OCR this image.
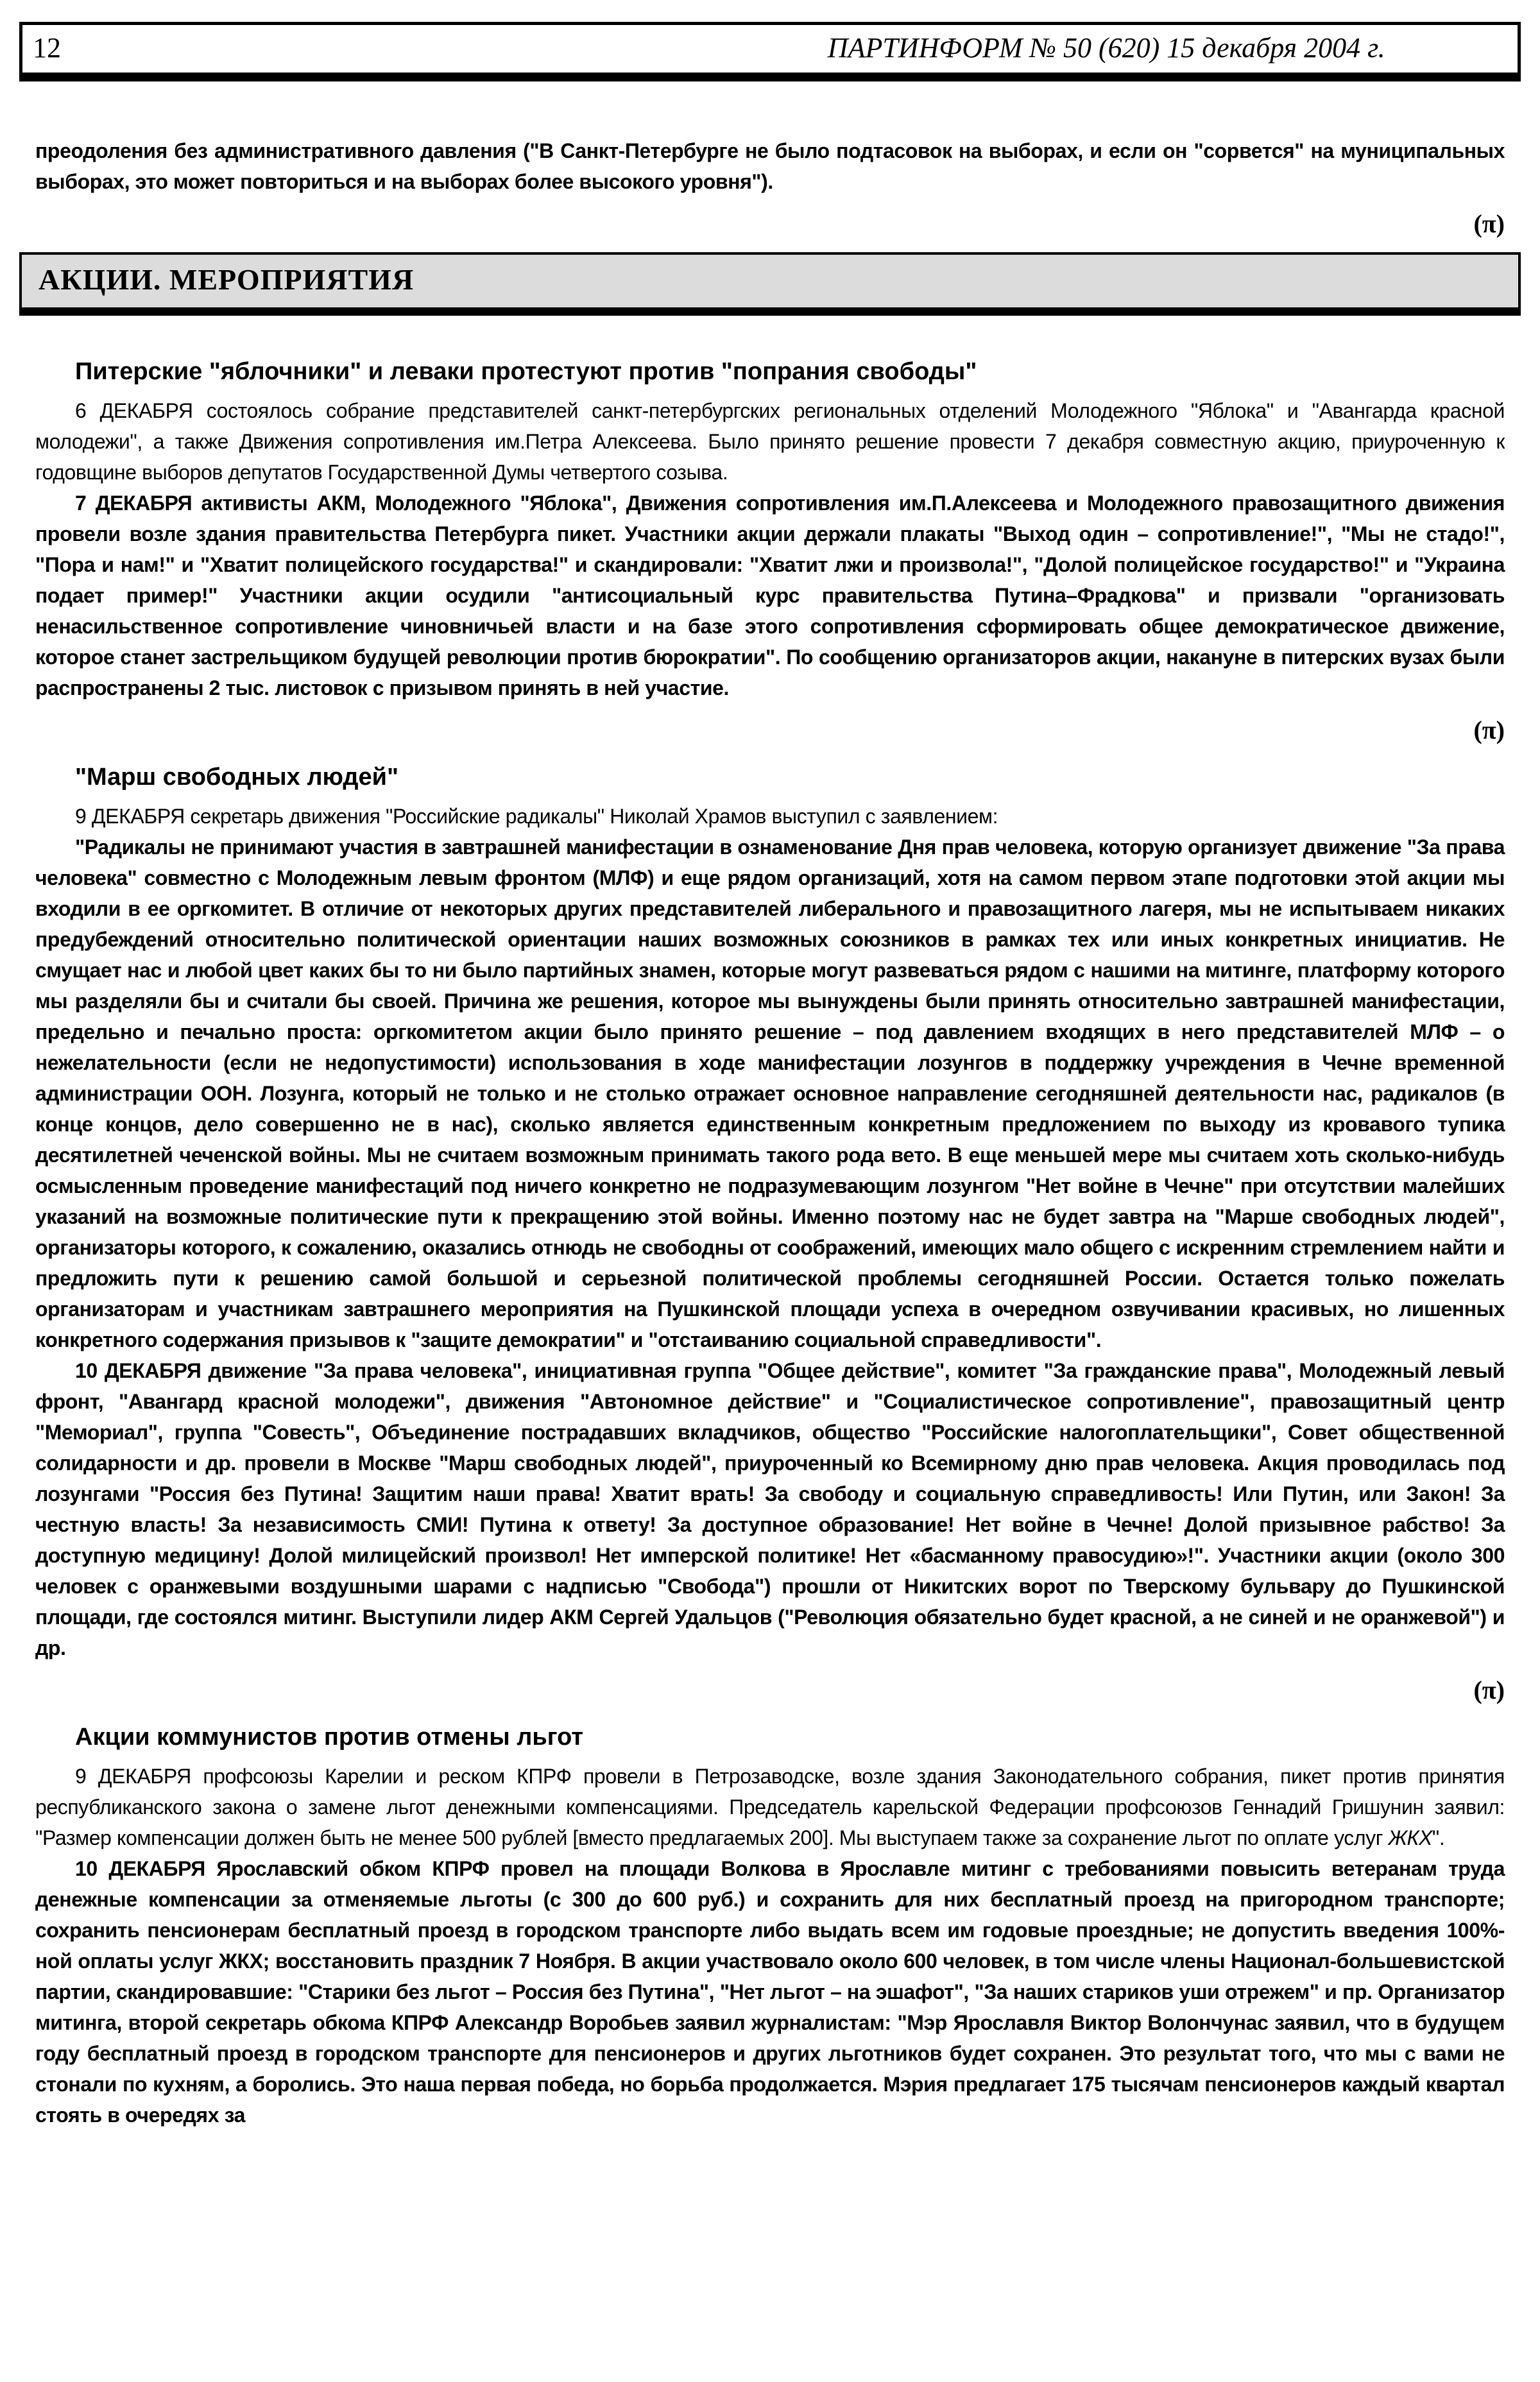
12	ПАРТИНФОРМ № 50 (620) 15 декабря 2004 г.

преодоления без административного давления ("В Санкт-Петербурге не было подтасовок на выборах, и если он "сорвется" на муниципальных выборах, это может повториться и на выборах более высокого уровня").

(π)
АКЦИИ. МЕРОПРИЯТИЯ
Питерские "яблочники" и леваки протестуют против "попрания свободы"

6 ДЕКАБРЯ состоялось собрание представителей санкт-петербургских региональных отделений Молодежного "Яблока" и "Авангарда красной молодежи", а также Движения сопротивления им.Петра Алексеева. Было принято решение провести 7 декабря совместную акцию, приуроченную к годовщине выборов депутатов Государственной Думы четвертого созыва.

7 ДЕКАБРЯ активисты АКМ, Молодежного "Яблока", Движения сопротивления им.П.Алексеева и Молодежного правозащитного движения провели возле здания правительства Петербурга пикет. Участники акции держали плакаты "Выход один – сопротивление!", "Мы не стадо!", "Пора и нам!" и "Хватит полицейского государства!" и скандировали: "Хватит лжи и произвола!", "Долой полицейское государство!" и "Украина подает пример!" Участники акции осудили "антисоциальный курс правительства Путина–Фрадкова" и призвали "организовать ненасильственное сопротивление чиновничьей власти и на базе этого сопротивления сформировать общее демократическое движение, которое станет застрельщиком будущей революции против бюрократии". По сообщению организаторов акции, накануне в питерских вузах были распространены 2 тыс. листовок с призывом принять в ней участие.

(π)
"Марш свободных людей"

9 ДЕКАБРЯ секретарь движения "Российские радикалы" Николай Храмов выступил с заявлением:

"Радикалы не принимают участия в завтрашней манифестации в ознаменование Дня прав человека, которую организует движение "За права человека" совместно с Молодежным левым фронтом (МЛФ) и еще рядом организаций, хотя на самом первом этапе подготовки этой акции мы входили в ее оргкомитет. В отличие от некоторых других представителей либерального и правозащитного лагеря, мы не испытываем никаких предубеждений относительно политической ориентации наших возможных союзников в рамках тех или иных конкретных инициатив. Не смущает нас и любой цвет каких бы то ни было партийных знамен, которые могут развеваться рядом с нашими на митинге, платформу которого мы разделяли бы и считали бы своей. Причина же решения, которое мы вынуждены были принять относительно завтрашней манифестации, предельно и печально проста: оргкомитетом акции было принято решение – под давлением входящих в него представителей МЛФ – о нежелательности (если не недопустимости) использования в ходе манифестации лозунгов в поддержку учреждения в Чечне временной администрации ООН. Лозунга, который не только и не столько отражает основное направление сегодняшней деятельности нас, радикалов (в конце концов, дело совершенно не в нас), сколько является единственным конкретным предложением по выходу из кровавого тупика десятилетней чеченской войны. Мы не считаем возможным принимать такого рода вето. В еще меньшей мере мы считаем хоть сколько-нибудь осмысленным проведение манифестаций под ничего конкретно не подразумевающим лозунгом "Нет войне в Чечне" при отсутствии малейших указаний на возможные политические пути к прекращению этой войны. Именно поэтому нас не будет завтра на "Марше свободных людей", организаторы которого, к сожалению, оказались отнюдь не свободны от соображений, имеющих мало общего с искренним стремлением найти и предложить пути к решению самой большой и серьезной политической проблемы сегодняшней России. Остается только пожелать организаторам и участникам завтрашнего мероприятия на Пушкинской площади успеха в очередном озвучивании красивых, но лишенных конкретного содержания призывов к "защите демократии" и "отстаиванию социальной справедливости".

10 ДЕКАБРЯ движение "За права человека", инициативная группа "Общее действие", комитет "За гражданские права", Молодежный левый фронт, "Авангард красной молодежи", движения "Автономное действие" и "Социалистическое сопротивление", правозащитный центр "Мемориал", группа "Совесть", Объединение пострадавших вкладчиков, общество "Российские налогоплательщики", Совет общественной солидарности и др. провели в Москве "Марш свободных людей", приуроченный ко Всемирному дню прав человека. Акция проводилась под лозунгами "Россия без Путина! Защитим наши права! Хватит врать! За свободу и социальную справедливость! Или Путин, или Закон! За честную власть! За независимость СМИ! Путина к ответу! За доступное образование! Нет войне в Чечне! Долой призывное рабство! За доступную медицину! Долой милицейский произвол! Нет имперской политике! Нет «басманному правосудию»!". Участники акции (около 300 человек с оранжевыми воздушными шарами с надписью "Свобода") прошли от Никитских ворот по Тверскому бульвару до Пушкинской площади, где состоялся митинг. Выступили лидер АКМ Сергей Удальцов ("Революция обязательно будет красной, а не синей и не оранжевой") и др.

(π)
Акции коммунистов против отмены льгот

9 ДЕКАБРЯ профсоюзы Карелии и реском КПРФ провели в Петрозаводске, возле здания Законодательного собрания, пикет против принятия республиканского закона о замене льгот денежными компенсациями. Председатель карельской Федерации профсоюзов Геннадий Гришунин заявил: "Размер компенсации должен быть не менее 500 рублей [вместо предлагаемых 200]. Мы выступаем также за сохранение льгот по оплате услуг ЖКХ".

10 ДЕКАБРЯ Ярославский обком КПРФ провел на площади Волкова в Ярославле митинг с требованиями повысить ветеранам труда денежные компенсации за отменяемые льготы (с 300 до 600 руб.) и сохранить для них бесплатный проезд на пригородном транспорте; сохранить пенсионерам бесплатный проезд в городском транспорте либо выдать всем им годовые проездные; не допустить введения 100%-ной оплаты услуг ЖКХ; восстановить праздник 7 Ноября. В акции участвовало около 600 человек, в том числе члены Национал-большевистской партии, скандировавшие: "Старики без льгот – Россия без Путина", "Нет льгот – на эшафот", "За наших стариков уши отрежем" и пр. Организатор митинга, второй секретарь обкома КПРФ Александр Воробьев заявил журналистам: "Мэр Ярославля Виктор Волончунас заявил, что в будущем году бесплатный проезд в городском транспорте для пенсионеров и других льготников будет сохранен. Это результат того, что мы с вами не стонали по кухням, а боролись. Это наша первая победа, но борьба продолжается. Мэрия предлагает 175 тысячам пенсионеров каждый квартал стоять в очередях за
